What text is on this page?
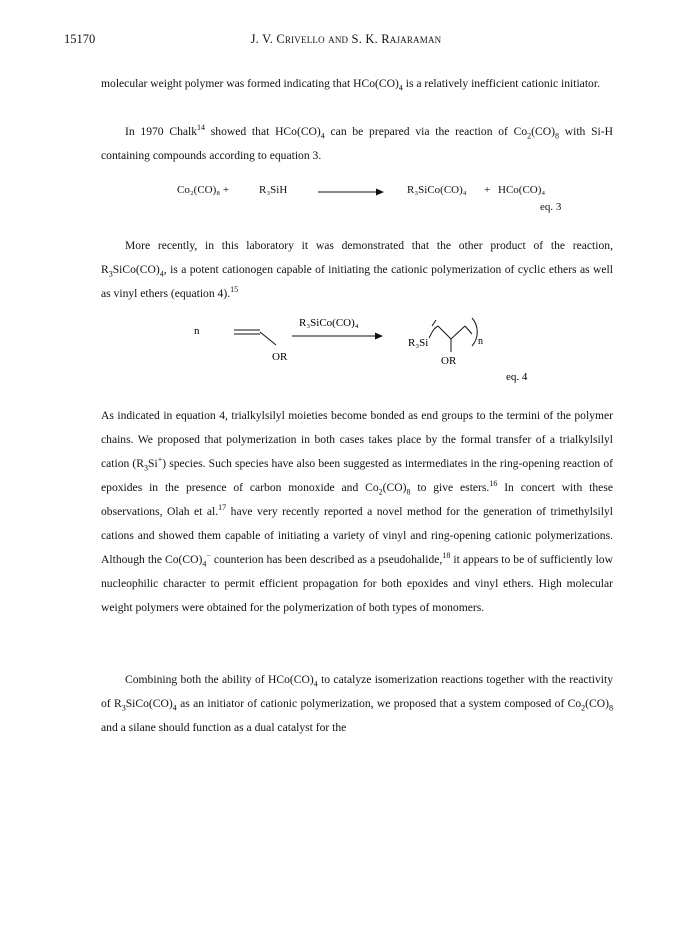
15170	J. V. Crivello and S. K. Rajaraman

molecular weight polymer was formed indicating that $HCo(CO)_4$ is a relatively inefficient cationic initiator.

In 1970 Chalk$^{14}$ showed that $HCo(CO)_4$ can be prepared via the reaction of $Co_2(CO)_8$ with Si-H containing compounds according to equation 3.

Co₂(CO)₈ +	R₃SiH	R₃SiCo(CO)₄ + HCo(CO)₄
eq. 3

More recently, in this laboratory it was demonstrated that the other product of the reaction, $R_3SiCo(CO)_4$, is a potent cationogen capable of initiating the cationic polymerization of cyclic ethers as well as vinyl ethers (equation 4).$^{15}$

n
OR
R₃SiCo(CO)₄
R₃Si	n
OR
eq. 4

As indicated in equation 4, trialkylsilyl moieties become bonded as end groups to the termini of the polymer chains. We proposed that polymerization in both cases takes place by the formal transfer of a trialkylsilyl cation $(R_3Si^+)$ species. Such species have also been suggested as intermediates in the ring-opening reaction of epoxides in the presence of carbon monoxide and $Co_2(CO)_8$ to give esters.$^{16}$ In concert with these observations, Olah et al.$^{17}$ have very recently reported a novel method for the generation of trimethylsilyl cations and showed them capable of initiating a variety of vinyl and ring-opening cationic polymerizations. Although the $Co(CO)_4^-$ counterion has been described as a pseudohalide,$^{18}$ it appears to be of sufficiently low nucleophilic character to permit efficient propagation for both epoxides and vinyl ethers. High molecular weight polymers were obtained for the polymerization of both types of monomers.

Combining both the ability of $HCo(CO)_4$ to catalyze isomerization reactions together with the reactivity of $R_3SiCo(CO)_4$ as an initiator of cationic polymerization, we proposed that a system composed of $Co_2(CO)_8$ and a silane should function as a dual catalyst for the
